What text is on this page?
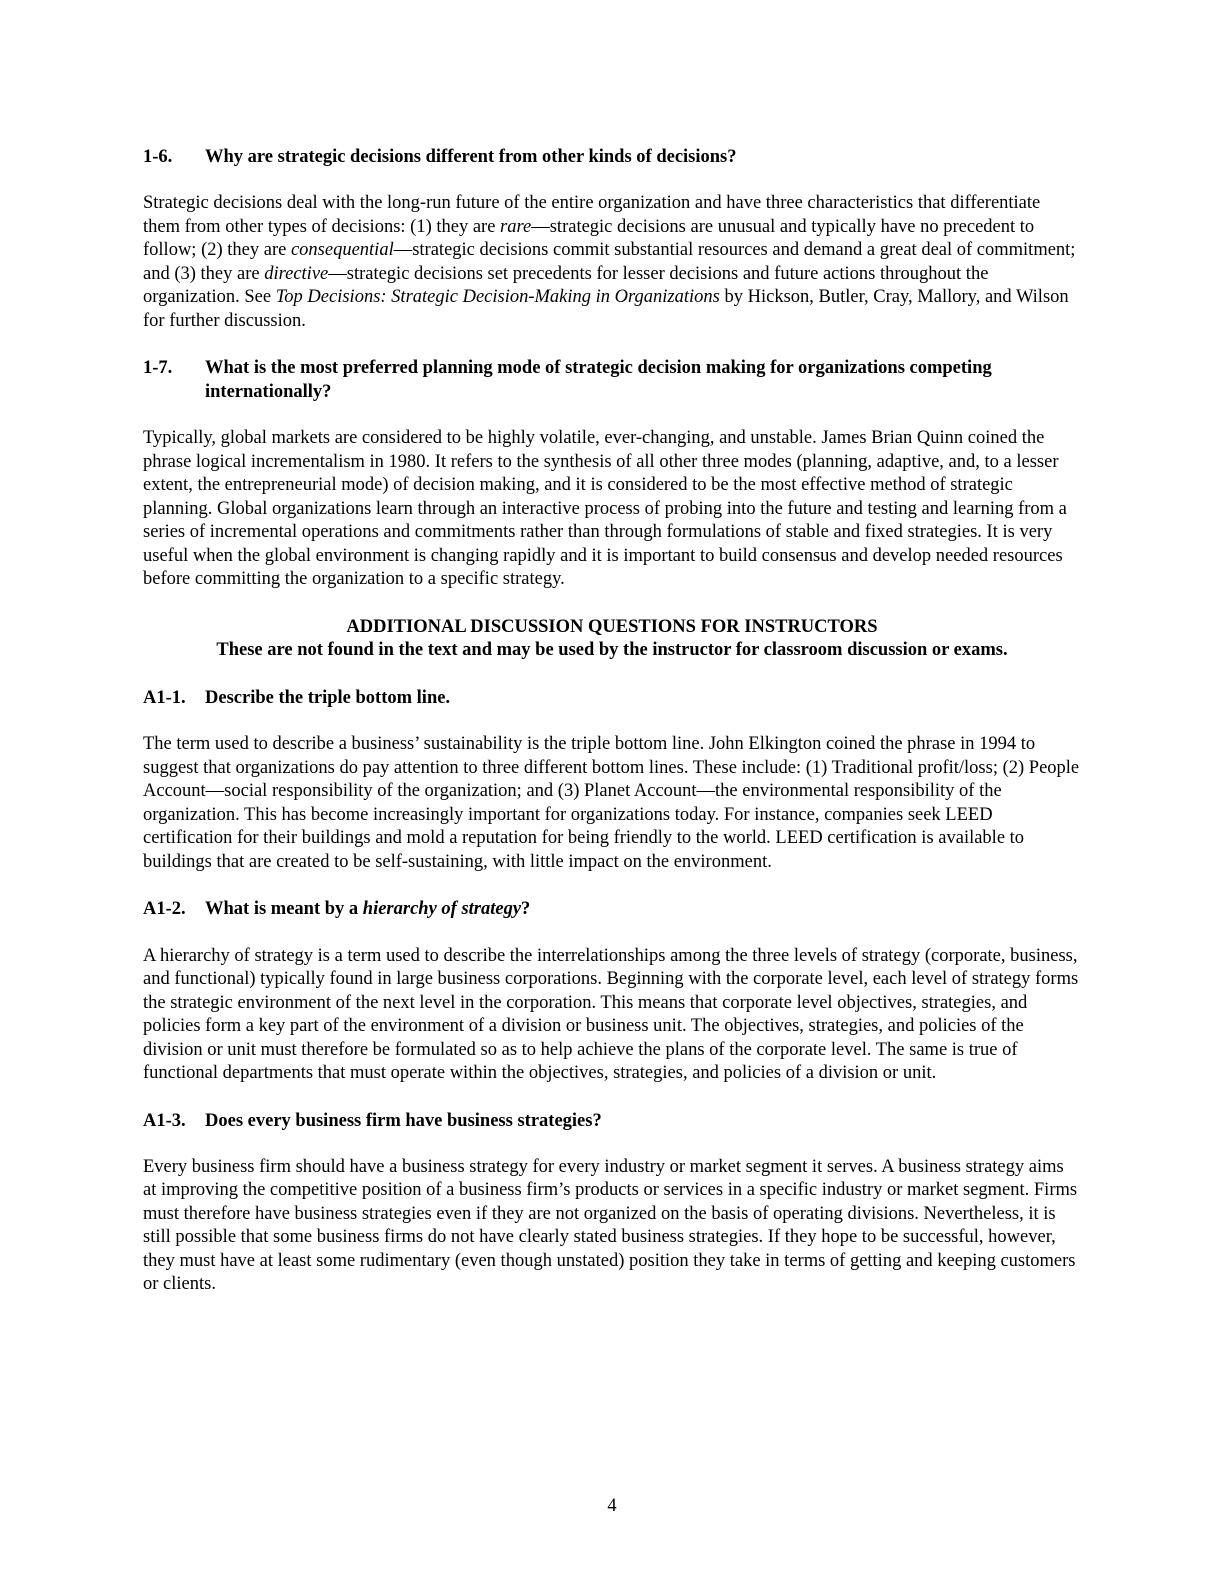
1-6.	Why are strategic decisions different from other kinds of decisions?

Strategic decisions deal with the long-run future of the entire organization and have three characteristics that differentiate them from other types of decisions: (1) they are rare—strategic decisions are unusual and typically have no precedent to follow; (2) they are consequential—strategic decisions commit substantial resources and demand a great deal of commitment; and (3) they are directive—strategic decisions set precedents for lesser decisions and future actions throughout the organization. See Top Decisions: Strategic Decision-Making in Organizations by Hickson, Butler, Cray, Mallory, and Wilson for further discussion.

1-7.	What is the most preferred planning mode of strategic decision making for organizations competing internationally?

Typically, global markets are considered to be highly volatile, ever-changing, and unstable. James Brian Quinn coined the phrase logical incrementalism in 1980. It refers to the synthesis of all other three modes (planning, adaptive, and, to a lesser extent, the entrepreneurial mode) of decision making, and it is considered to be the most effective method of strategic planning. Global organizations learn through an interactive process of probing into the future and testing and learning from a series of incremental operations and commitments rather than through formulations of stable and fixed strategies. It is very useful when the global environment is changing rapidly and it is important to build consensus and develop needed resources before committing the organization to a specific strategy.

ADDITIONAL DISCUSSION QUESTIONS FOR INSTRUCTORS
These are not found in the text and may be used by the instructor for classroom discussion or exams.
A1-1.	Describe the triple bottom line.

The term used to describe a business’ sustainability is the triple bottom line. John Elkington coined the phrase in 1994 to suggest that organizations do pay attention to three different bottom lines. These include: (1) Traditional profit/loss; (2) People Account—social responsibility of the organization; and (3) Planet Account—the environmental responsibility of the organization. This has become increasingly important for organizations today. For instance, companies seek LEED certification for their buildings and mold a reputation for being friendly to the world. LEED certification is available to buildings that are created to be self-sustaining, with little impact on the environment.

A1-2.	What is meant by a hierarchy of strategy?

A hierarchy of strategy is a term used to describe the interrelationships among the three levels of strategy (corporate, business, and functional) typically found in large business corporations. Beginning with the corporate level, each level of strategy forms the strategic environment of the next level in the corporation. This means that corporate level objectives, strategies, and policies form a key part of the environment of a division or business unit. The objectives, strategies, and policies of the division or unit must therefore be formulated so as to help achieve the plans of the corporate level. The same is true of functional departments that must operate within the objectives, strategies, and policies of a division or unit.

A1-3.	Does every business firm have business strategies?

Every business firm should have a business strategy for every industry or market segment it serves. A business strategy aims at improving the competitive position of a business firm’s products or services in a specific industry or market segment. Firms must therefore have business strategies even if they are not organized on the basis of operating divisions. Nevertheless, it is still possible that some business firms do not have clearly stated business strategies. If they hope to be successful, however, they must have at least some rudimentary (even though unstated) position they take in terms of getting and keeping customers or clients.

4
